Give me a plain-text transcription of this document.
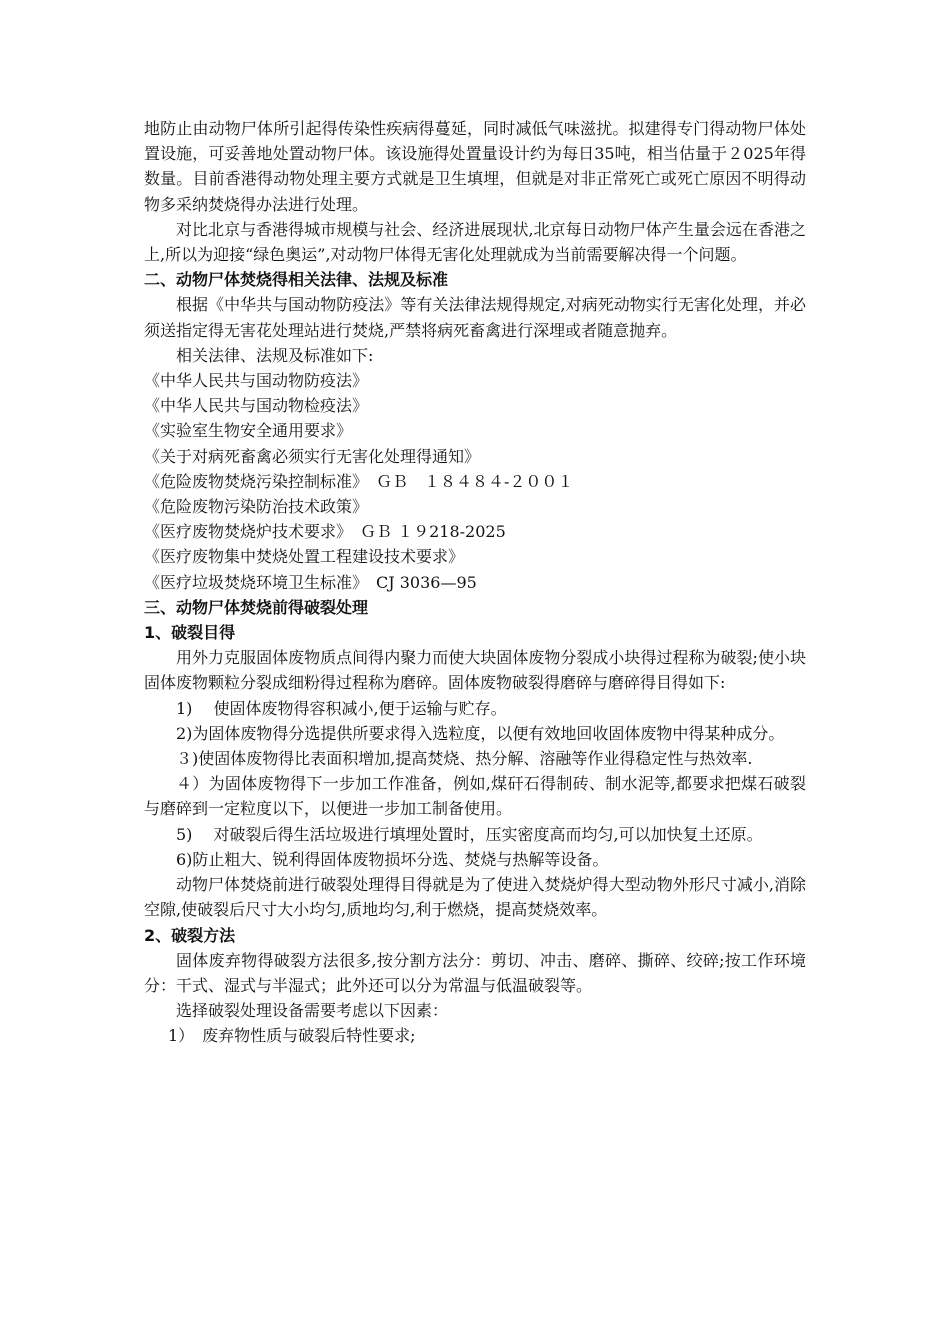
地防止由动物尸体所引起得传染性疾病得蔓延，同时减低气味滋扰。拟建得专门得动物尸体处置设施，可妥善地处置动物尸体。该设施得处置量设计约为每日35吨，相当估量于２025年得数量。目前香港得动物处理主要方式就是卫生填埋，但就是对非正常死亡或死亡原因不明得动物多采纳焚烧得办法进行处理。

对比北京与香港得城市规模与社会、经济进展现状,北京每日动物尸体产生量会远在香港之上,所以为迎接“绿色奥运”,对动物尸体得无害化处理就成为当前需要解决得一个问题。

二、动物尸体焚烧得相关法律、法规及标准

根据《中华共与国动物防疫法》等有关法律法规得规定,对病死动物实行无害化处理，并必须送指定得无害花处理站进行焚烧,严禁将病死畜禽进行深埋或者随意抛弃。

相关法律、法规及标准如下:

《中华人民共与国动物防疫法》

《中华人民共与国动物检疫法》

《实验室生物安全通用要求》

《关于对病死畜禽必须实行无害化处理得通知》

《危险废物焚烧污染控制标准》　ＧＢ　１８４８４-２００１

《危险废物污染防治技术政策》

《医疗废物焚烧炉技术要求》　ＧＢ １９218-2025

《医疗废物集中焚烧处置工程建设技术要求》

《医疗垃圾焚烧环境卫生标准》　CJ 3036—95

三、动物尸体焚烧前得破裂处理

1、破裂目得

用外力克服固体废物质点间得内聚力而使大块固体废物分裂成小块得过程称为破裂;使小块固体废物颗粒分裂成细粉得过程称为磨碎。固体废物破裂得磨碎与磨碎得目得如下:

1)　 使固体废物得容积减小,便于运输与贮存。

2)为固体废物得分选提供所要求得入选粒度，以便有效地回收固体废物中得某种成分。

３)使固体废物得比表面积增加,提高焚烧、热分解、溶融等作业得稳定性与热效率.

４）为固体废物得下一步加工作准备，例如,煤矸石得制砖、制水泥等,都要求把煤石破裂与磨碎到一定粒度以下，以便进一步加工制备使用。

5)　 对破裂后得生活垃圾进行填埋处置时，压实密度高而均匀,可以加快复土还原。

6)防止粗大、锐利得固体废物损坏分选、焚烧与热解等设备。

动物尸体焚烧前进行破裂处理得目得就是为了使进入焚烧炉得大型动物外形尺寸减小,消除空隙,使破裂后尺寸大小均匀,质地均匀,利于燃烧，提高焚烧效率。

2、破裂方法

固体废弃物得破裂方法很多,按分割方法分：剪切、冲击、磨碎、撕碎、绞碎;按工作环境分：干式、湿式与半湿式；此外还可以分为常温与低温破裂等。

选择破裂处理设备需要考虑以下因素：

1）　废弃物性质与破裂后特性要求;
